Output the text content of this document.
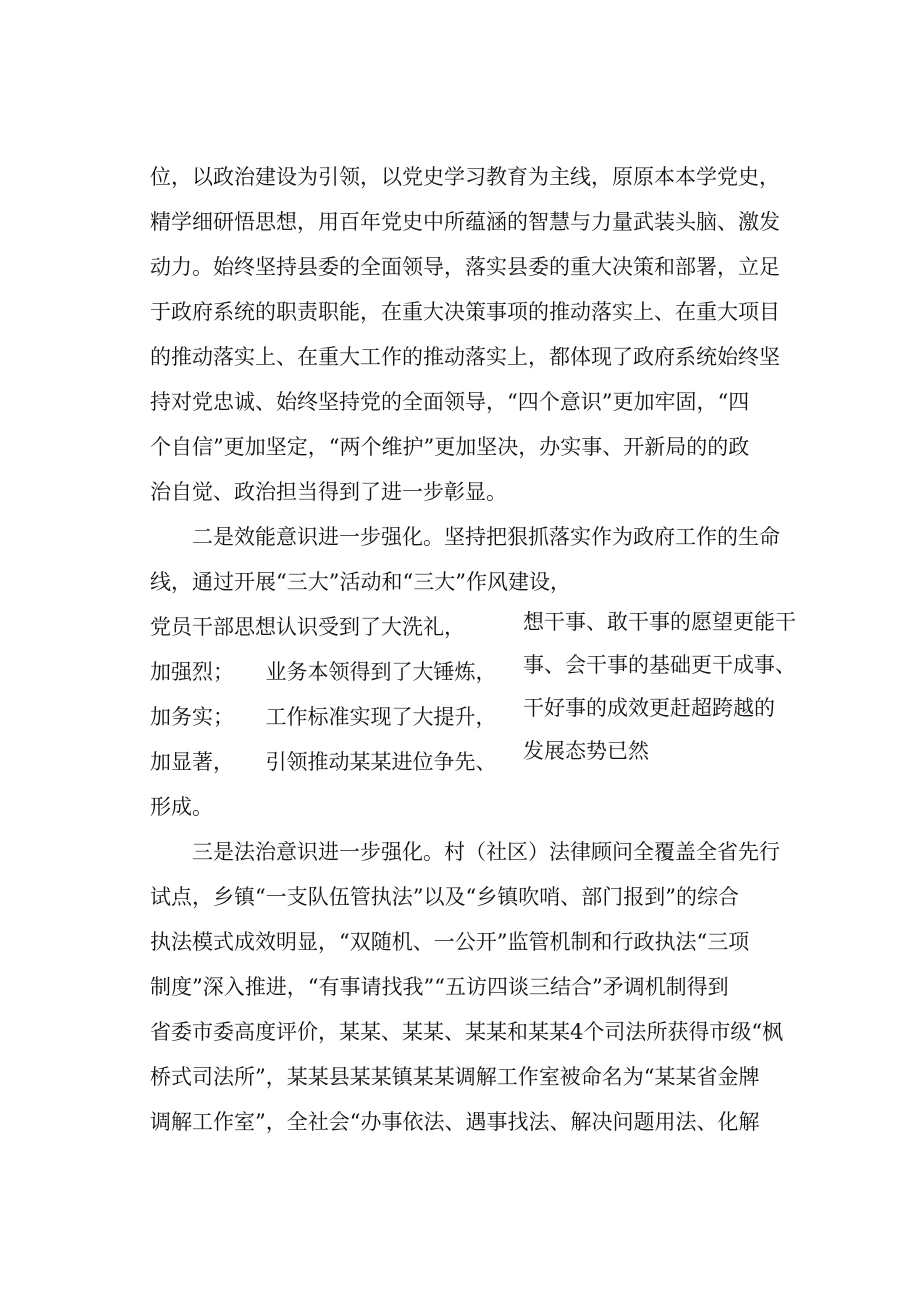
位，以政治建设为引领，以党史学习教育为主线，原原本本学党史，
精学细研悟思想，用百年党史中所蕴涵的智慧与力量武装头脑、激发
动力。始终坚持县委的全面领导，落实县委的重大决策和部署，立足
于政府系统的职责职能，在重大决策事项的推动落实上、在重大项目
的推动落实上、在重大工作的推动落实上，都体现了政府系统始终坚
持对党忠诚、始终坚持党的全面领导，“四个意识”更加牢固，“四
个自信”更加坚定，“两个维护”更加坚决，办实事、开新局的的政
治自觉、政治担当得到了进一步彰显。
二是效能意识进一步强化。坚持把狠抓落实作为政府工作的生命
线，通过开展“三大”活动和“三大”作风建设，
党员干部思想认识受到了大洗礼，
加强烈；　　业务本领得到了大锤炼，
加务实；　　工作标准实现了大提升，
加显著，　　引领推动某某进位争先、
形成。
想干事、敢干事的愿望更能干
事、会干事的基础更干成事、
干好事的成效更赶超跨越的
发展态势已然
三是法治意识进一步强化。村（社区）法律顾问全覆盖全省先行
试点，乡镇“一支队伍管执法”以及“乡镇吹哨、部门报到”的综合
执法模式成效明显，“双随机、一公开”监管机制和行政执法“三项
制度”深入推进，“有事请找我”“五访四谈三结合”矛调机制得到
省委市委高度评价，某某、某某、某某和某某4个司法所获得市级“枫
桥式司法所”，某某县某某镇某某调解工作室被命名为“某某省金牌
调解工作室”，全社会“办事依法、遇事找法、解决问题用法、化解
